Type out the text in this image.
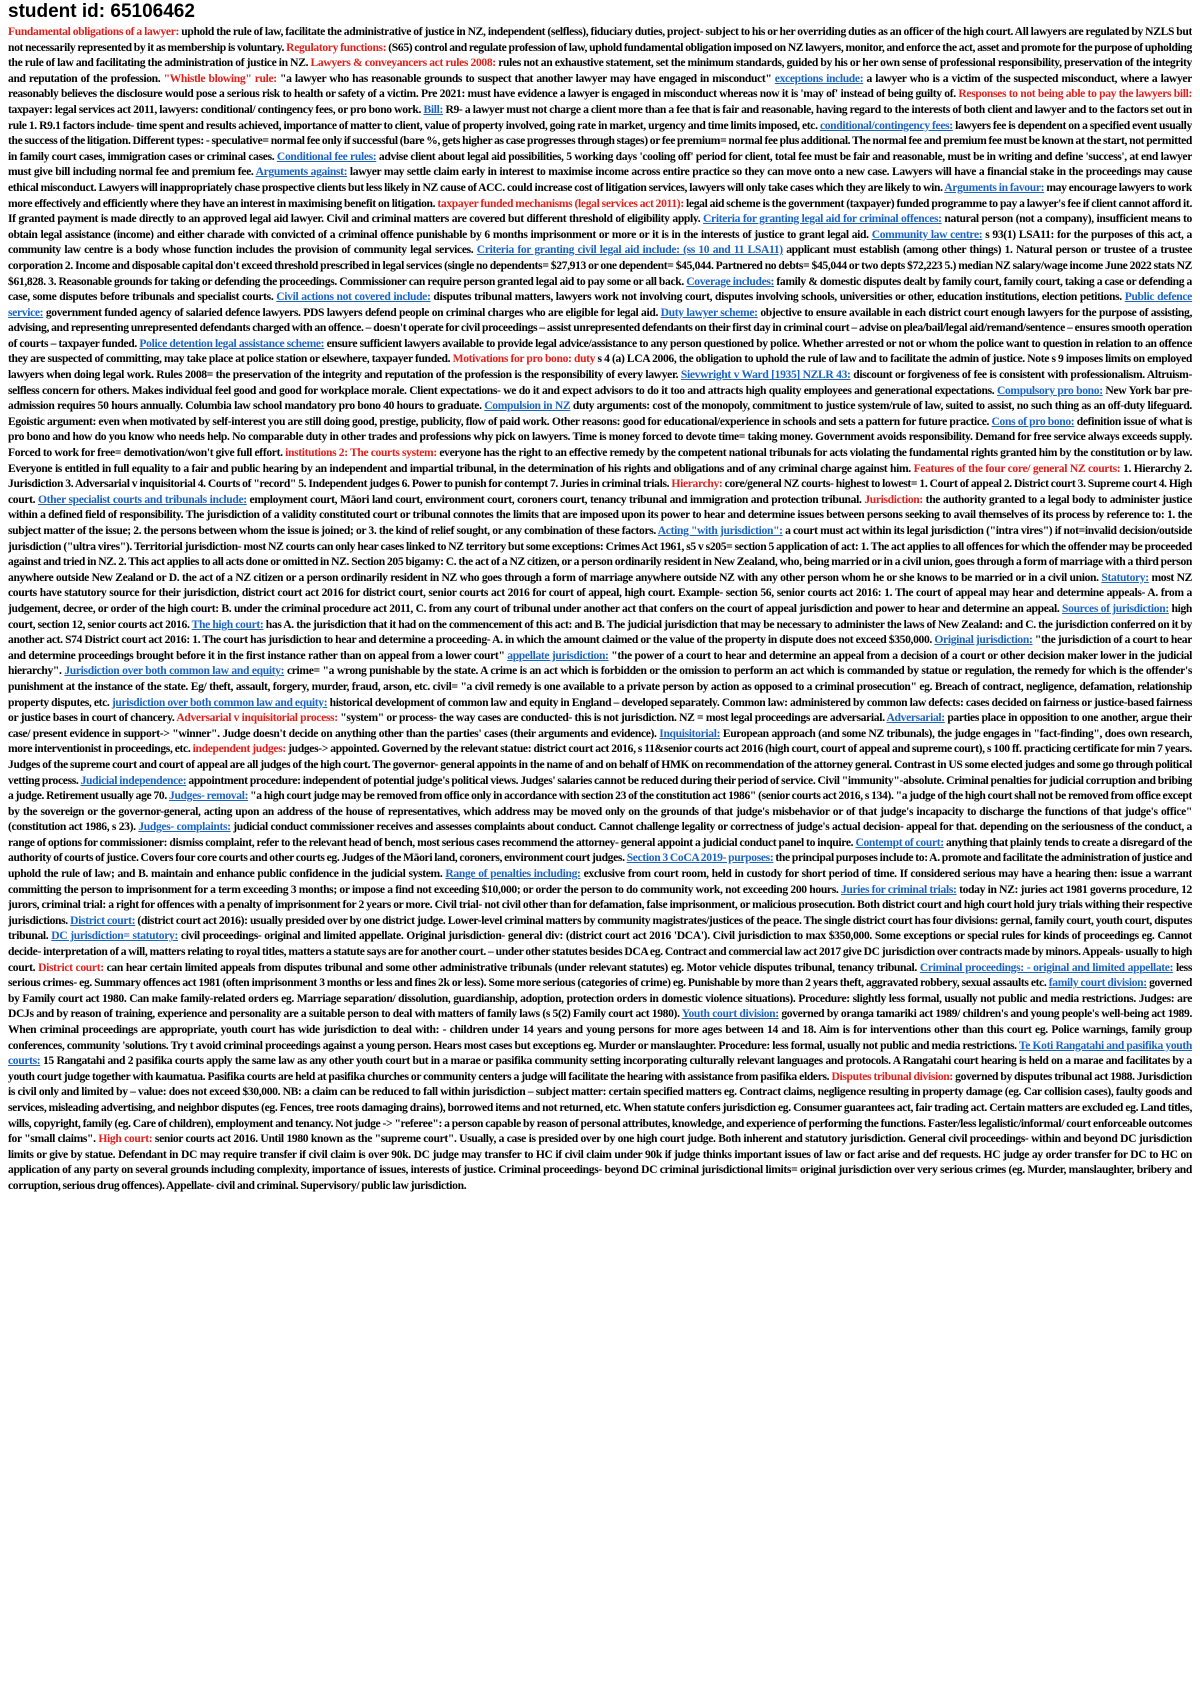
student id: 65106462

Fundamental obligations of a lawyer: uphold the rule of law, facilitate the administrative of justice in NZ, independent (selfless), fiduciary duties, project- subject to his or her overriding duties as an officer of the high court. All lawyers are regulated by NZLS but not necessarily represented by it as membership is voluntary. Regulatory functions: (S65) control and regulate profession of law, uphold fundamental obligation imposed on NZ lawyers, monitor, and enforce the act, asset and promote for the purpose of upholding the rule of law and facilitating the administration of justice in NZ. Lawyers & conveyancers act rules 2008: rules not an exhaustive statement, set the minimum standards, guided by his or her own sense of professional responsibility, preservation of the integrity and reputation of the profession. "Whistle blowing" rule: "a lawyer who has reasonable grounds to suspect that another lawyer may have engaged in misconduct" exceptions include: a lawyer who is a victim of the suspected misconduct, where a lawyer reasonably believes the disclosure would pose a serious risk to health or safety of a victim. Pre 2021: must have evidence a lawyer is engaged in misconduct whereas now it is 'may of' instead of being guilty of. Responses to not being able to pay the lawyers bill: taxpayer: legal services act 2011, lawyers: conditional/ contingency fees, or pro bono work. Bill: R9- a lawyer must not charge a client more than a fee that is fair and reasonable, having regard to the interests of both client and lawyer and to the factors set out in rule 1. R9.1 factors include- time spent and results achieved, importance of matter to client, value of property involved, going rate in market, urgency and time limits imposed, etc. conditional/contingency fees: lawyers fee is dependent on a specified event usually the success of the litigation. Different types: - speculative= normal fee only if successful (bare %, gets higher as case progresses through stages) or fee premium= normal fee plus additional. The normal fee and premium fee must be known at the start, not permitted in family court cases, immigration cases or criminal cases. Conditional fee rules: advise client about legal aid possibilities, 5 working days 'cooling off' period for client, total fee must be fair and reasonable, must be in writing and define 'success', at end lawyer must give bill including normal fee and premium fee. Arguments against: lawyer may settle claim early in interest to maximise income across entire practice so they can move onto a new case. Lawyers will have a financial stake in the proceedings may cause ethical misconduct. Lawyers will inappropriately chase prospective clients but less likely in NZ cause of ACC. could increase cost of litigation services, lawyers will only take cases which they are likely to win. Arguments in favour: may encourage lawyers to work more effectively and efficiently where they have an interest in maximising benefit on litigation. taxpayer funded mechanisms (legal services act 2011): legal aid scheme is the government (taxpayer) funded programme to pay a lawyer's fee if client cannot afford it. If granted payment is made directly to an approved legal aid lawyer. Civil and criminal matters are covered but different threshold of eligibility apply. Criteria for granting legal aid for criminal offences: natural person (not a company), insufficient means to obtain legal assistance (income) and either charade with convicted of a criminal offence punishable by 6 months imprisonment or more or it is in the interests of justice to grant legal aid. Community law centre: s 93(1) LSA11: for the purposes of this act, a community law centre is a body whose function includes the provision of community legal services. Criteria for granting civil legal aid include: (ss 10 and 11 LSA11) applicant must establish (among other things) 1. Natural person or trustee of a trustee corporation 2. Income and disposable capital don't exceed threshold prescribed in legal services (single no dependents= $27,913 or one dependent= $45,044. Partnered no debts= $45,044 or two depts $72,223 5.) median NZ salary/wage income June 2022 stats NZ $61,828. 3. Reasonable grounds for taking or defending the proceedings. Commissioner can require person granted legal aid to pay some or all back. Coverage includes: family & domestic disputes dealt by family court, family court, taking a case or defending a case, some disputes before tribunals and specialist courts. Civil actions not covered include: disputes tribunal matters, lawyers work not involving court, disputes involving schools, universities or other, education institutions, election petitions. Public defence service: government funded agency of salaried defence lawyers. PDS lawyers defend people on criminal charges who are eligible for legal aid. Duty lawyer scheme: objective to ensure available in each district court enough lawyers for the purpose of assisting, advising, and representing unrepresented defendants charged with an offence. – doesn't operate for civil proceedings – assist unrepresented defendants on their first day in criminal court – advise on plea/bail/legal aid/remand/sentence – ensures smooth operation of courts – taxpayer funded. Police detention legal assistance scheme: ensure sufficient lawyers available to provide legal advice/assistance to any person questioned by police. Whether arrested or not or whom the police want to question in relation to an offence they are suspected of committing, may take place at police station or elsewhere, taxpayer funded. Motivations for pro bono: duty s 4 (a) LCA 2006, the obligation to uphold the rule of law and to facilitate the admin of justice. Note s 9 imposes limits on employed lawyers when doing legal work. Rules 2008= the preservation of the integrity and reputation of the profession is the responsibility of every lawyer. Sievwright v Ward [1935] NZLR 43: discount or forgiveness of fee is consistent with professionalism. Altruism- selfless concern for others. Makes individual feel good and good for workplace morale. Client expectations- we do it and expect advisors to do it too and attracts high quality employees and generational expectations. Compulsory pro bono: New York bar pre-admission requires 50 hours annually. Columbia law school mandatory pro bono 40 hours to graduate. Compulsion in NZ duty arguments: cost of the monopoly, commitment to justice system/rule of law, suited to assist, no such thing as an off-duty lifeguard. Egoistic argument: even when motivated by self-interest you are still doing good, prestige, publicity, flow of paid work. Other reasons: good for educational/experience in schools and sets a pattern for future practice. Cons of pro bono: definition issue of what is pro bono and how do you know who needs help. No comparable duty in other trades and professions why pick on lawyers. Time is money forced to devote time= taking money. Government avoids responsibility. Demand for free service always exceeds supply. Forced to work for free= demotivation/won't give full effort. institutions 2: The courts system: everyone has the right to an effective remedy by the competent national tribunals for acts violating the fundamental rights granted him by the constitution or by law. Everyone is entitled in full equality to a fair and public hearing by an independent and impartial tribunal, in the determination of his rights and obligations and of any criminal charge against him. Features of the four core/ general NZ courts: 1. Hierarchy 2. Jurisdiction 3. Adversarial v inquisitorial 4. Courts of "record" 5. Independent judges 6. Power to punish for contempt 7. Juries in criminal trials. Hierarchy: core/general NZ courts- highest to lowest= 1. Court of appeal 2. District court 3. Supreme court 4. High court. Other specialist courts and tribunals include: employment court, Māori land court, environment court, coroners court, tenancy tribunal and immigration and protection tribunal. Jurisdiction: the authority granted to a legal body to administer justice within a defined field of responsibility. The jurisdiction of a validity constituted court or tribunal connotes the limits that are imposed upon its power to hear and determine issues between persons seeking to avail themselves of its process by reference to: 1. the subject matter of the issue; 2. the persons between whom the issue is joined; or 3. the kind of relief sought, or any combination of these factors. Acting "with jurisdiction": a court must act within its legal jurisdiction ("intra vires") if not=invalid decision/outside jurisdiction ("ultra vires"). Territorial jurisdiction- most NZ courts can only hear cases linked to NZ territory but some exceptions: Crimes Act 1961, s5 v s205= section 5 application of act: 1. The act applies to all offences for which the offender may be proceeded against and tried in NZ. 2. This act applies to all acts done or omitted in NZ. Section 205 bigamy: C. the act of a NZ citizen, or a person ordinarily resident in New Zealand, who, being married or in a civil union, goes through a form of marriage with a third person anywhere outside New Zealand or D. the act of a NZ citizen or a person ordinarily resident in NZ who goes through a form of marriage anywhere outside NZ with any other person whom he or she knows to be married or in a civil union. Statutory: most NZ courts have statutory source for their jurisdiction, district court act 2016 for district court, senior courts act 2016 for court of appeal, high court. Example- section 56, senior courts act 2016: 1. The court of appeal may hear and determine appeals- A. from a judgement, decree, or order of the high court: B. under the criminal procedure act 2011, C. from any court of tribunal under another act that confers on the court of appeal jurisdiction and power to hear and determine an appeal. Sources of jurisdiction: high court, section 12, senior courts act 2016. The high court: has A. the jurisdiction that it had on the commencement of this act: and B. The judicial jurisdiction that may be necessary to administer the laws of New Zealand: and C. the jurisdiction conferred on it by another act. S74 District court act 2016: 1. The court has jurisdiction to hear and determine a proceeding- A. in which the amount claimed or the value of the property in dispute does not exceed $350,000. Original jurisdiction: "the jurisdiction of a court to hear and determine proceedings brought before it in the first instance rather than on appeal from a lower court" appellate jurisdiction: "the power of a court to hear and determine an appeal from a decision of a court or other decision maker lower in the judicial hierarchy". Jurisdiction over both common law and equity: crime= "a wrong punishable by the state. A crime is an act which is forbidden or the omission to perform an act which is commanded by statue or regulation, the remedy for which is the offender's punishment at the instance of the state. Eg/ theft, assault, forgery, murder, fraud, arson, etc. civil= "a civil remedy is one available to a private person by action as opposed to a criminal prosecution" eg. Breach of contract, negligence, defamation, relationship property disputes, etc. jurisdiction over both common law and equity: historical development of common law and equity in England – developed separately. Common law: administered by common law defects: cases decided on fairness or justice-based fairness or justice bases in court of chancery. Adversarial v inquisitorial process: "system" or process- the way cases are conducted- this is not jurisdiction. NZ = most legal proceedings are adversarial. Adversarial: parties place in opposition to one another, argue their case/ present evidence in support-> "winner". Judge doesn't decide on anything other than the parties' cases (their arguments and evidence). Inquisitorial: European approach (and some NZ tribunals), the judge engages in "fact-finding", does own research, more interventionist in proceedings, etc. independent judges: judges-> appointed. Governed by the relevant statue: district court act 2016, s 11&senior courts act 2016 (high court, court of appeal and supreme court), s 100 ff. practicing certificate for min 7 years. Judges of the supreme court and court of appeal are all judges of the high court. The governor- general appoints in the name of and on behalf of HMK on recommendation of the attorney general. Contrast in US some elected judges and some go through political vetting process. Judicial independence: appointment procedure: independent of potential judge's political views. Judges' salaries cannot be reduced during their period of service. Civil "immunity"-absolute. Criminal penalties for judicial corruption and bribing a judge. Retirement usually age 70. Judges- removal: "a high court judge may be removed from office only in accordance with section 23 of the constitution act 1986" (senior courts act 2016, s 134). "a judge of the high court shall not be removed from office except by the sovereign or the governor-general, acting upon an address of the house of representatives, which address may be moved only on the grounds of that judge's misbehavior or of that judge's incapacity to discharge the functions of that judge's office" (constitution act 1986, s 23). Judges- complaints: judicial conduct commissioner receives and assesses complaints about conduct. Cannot challenge legality or correctness of judge's actual decision- appeal for that. depending on the seriousness of the conduct, a range of options for commissioner: dismiss complaint, refer to the relevant head of bench, most serious cases recommend the attorney- general appoint a judicial conduct panel to inquire. Contempt of court: anything that plainly tends to create a disregard of the authority of courts of justice. Covers four core courts and other courts eg. Judges of the Māori land, coroners, environment court judges. Section 3 CoCA 2019- purposes: the principal purposes include to: A. promote and facilitate the administration of justice and uphold the rule of law; and B. maintain and enhance public confidence in the judicial system. Range of penalties including: exclusive from court room, held in custody for short period of time. If considered serious may have a hearing then: issue a warrant committing the person to imprisonment for a term exceeding 3 months; or impose a find not exceeding $10,000; or order the person to do community work, not exceeding 200 hours. Juries for criminal trials: today in NZ: juries act 1981 governs procedure, 12 jurors, criminal trial: a right for offences with a penalty of imprisonment for 2 years or more. Civil trial- not civil other than for defamation, false imprisonment, or malicious prosecution. Both district court and high court hold jury trials withing their respective jurisdictions. District court: (district court act 2016): usually presided over by one district judge. Lower-level criminal matters by community magistrates/justices of the peace. The single district court has four divisions: gernal, family court, youth court, disputes tribunal. DC jurisdiction= statutory: civil proceedings- original and limited appellate. Original jurisdiction- general div: (district court act 2016 'DCA'). Civil jurisdiction to max $350,000. Some exceptions or special rules for kinds of proceedings eg. Cannot decide- interpretation of a will, matters relating to royal titles, matters a statute says are for another court. – under other statutes besides DCA eg. Contract and commercial law act 2017 give DC jurisdiction over contracts made by minors. Appeals- usually to high court. District court: can hear certain limited appeals from disputes tribunal and some other administrative tribunals (under relevant statutes) eg. Motor vehicle disputes tribunal, tenancy tribunal. Criminal proceedings: - original and limited appellate: less serious crimes- eg. Summary offences act 1981 (often imprisonment 3 months or less and fines 2k or less). Some more serious (categories of crime) eg. Punishable by more than 2 years theft, aggravated robbery, sexual assaults etc. family court division: governed by Family court act 1980. Can make family-related orders eg. Marriage separation/ dissolution, guardianship, adoption, protection orders in domestic violence situations). Procedure: slightly less formal, usually not public and media restrictions. Judges: are DCJs and by reason of training, experience and personality are a suitable person to deal with matters of family laws (s 5(2) Family court act 1980). Youth court division: governed by oranga tamariki act 1989/ children's and young people's well-being act 1989. When criminal proceedings are appropriate, youth court has wide jurisdiction to deal with: - children under 14 years and young persons for more ages between 14 and 18. Aim is for interventions other than this court eg. Police warnings, family group conferences, community 'solutions. Try t avoid criminal proceedings against a young person. Hears most cases but exceptions eg. Murder or manslaughter. Procedure: less formal, usually not public and media restrictions. Te Koti Rangatahi and pasifika youth courts: 15 Rangatahi and 2 pasifika courts apply the same law as any other youth court but in a marae or pasifika community setting incorporating culturally relevant languages and protocols. A Rangatahi court hearing is held on a marae and facilitates by a youth court judge together with kaumatua. Pasifika courts are held at pasifika churches or community centers a judge will facilitate the hearing with assistance from pasifika elders. Disputes tribunal division: governed by disputes tribunal act 1988. Jurisdiction is civil only and limited by – value: does not exceed $30,000. NB: a claim can be reduced to fall within jurisdiction – subject matter: certain specified matters eg. Contract claims, negligence resulting in property damage (eg. Car collision cases), faulty goods and services, misleading advertising, and neighbor disputes (eg. Fences, tree roots damaging drains), borrowed items and not returned, etc. When statute confers jurisdiction eg. Consumer guarantees act, fair trading act. Certain matters are excluded eg. Land titles, wills, copyright, family (eg. Care of children), employment and tenancy. Not judge -> "referee": a person capable by reason of personal attributes, knowledge, and experience of performing the functions. Faster/less legalistic/informal/ court enforceable outcomes for "small claims". High court: senior courts act 2016. Until 1980 known as the "supreme court". Usually, a case is presided over by one high court judge. Both inherent and statutory jurisdiction. General civil proceedings- within and beyond DC jurisdiction limits or give by statue. Defendant in DC may require transfer if civil claim is over 90k. DC judge may transfer to HC if civil claim under 90k if judge thinks important issues of law or fact arise and def requests. HC judge ay order transfer for DC to HC on application of any party on several grounds including complexity, importance of issues, interests of justice. Criminal proceedings- beyond DC criminal jurisdictional limits= original jurisdiction over very serious crimes (eg. Murder, manslaughter, bribery and corruption, serious drug offences). Appellate- civil and criminal. Supervisory/ public law jurisdiction.
